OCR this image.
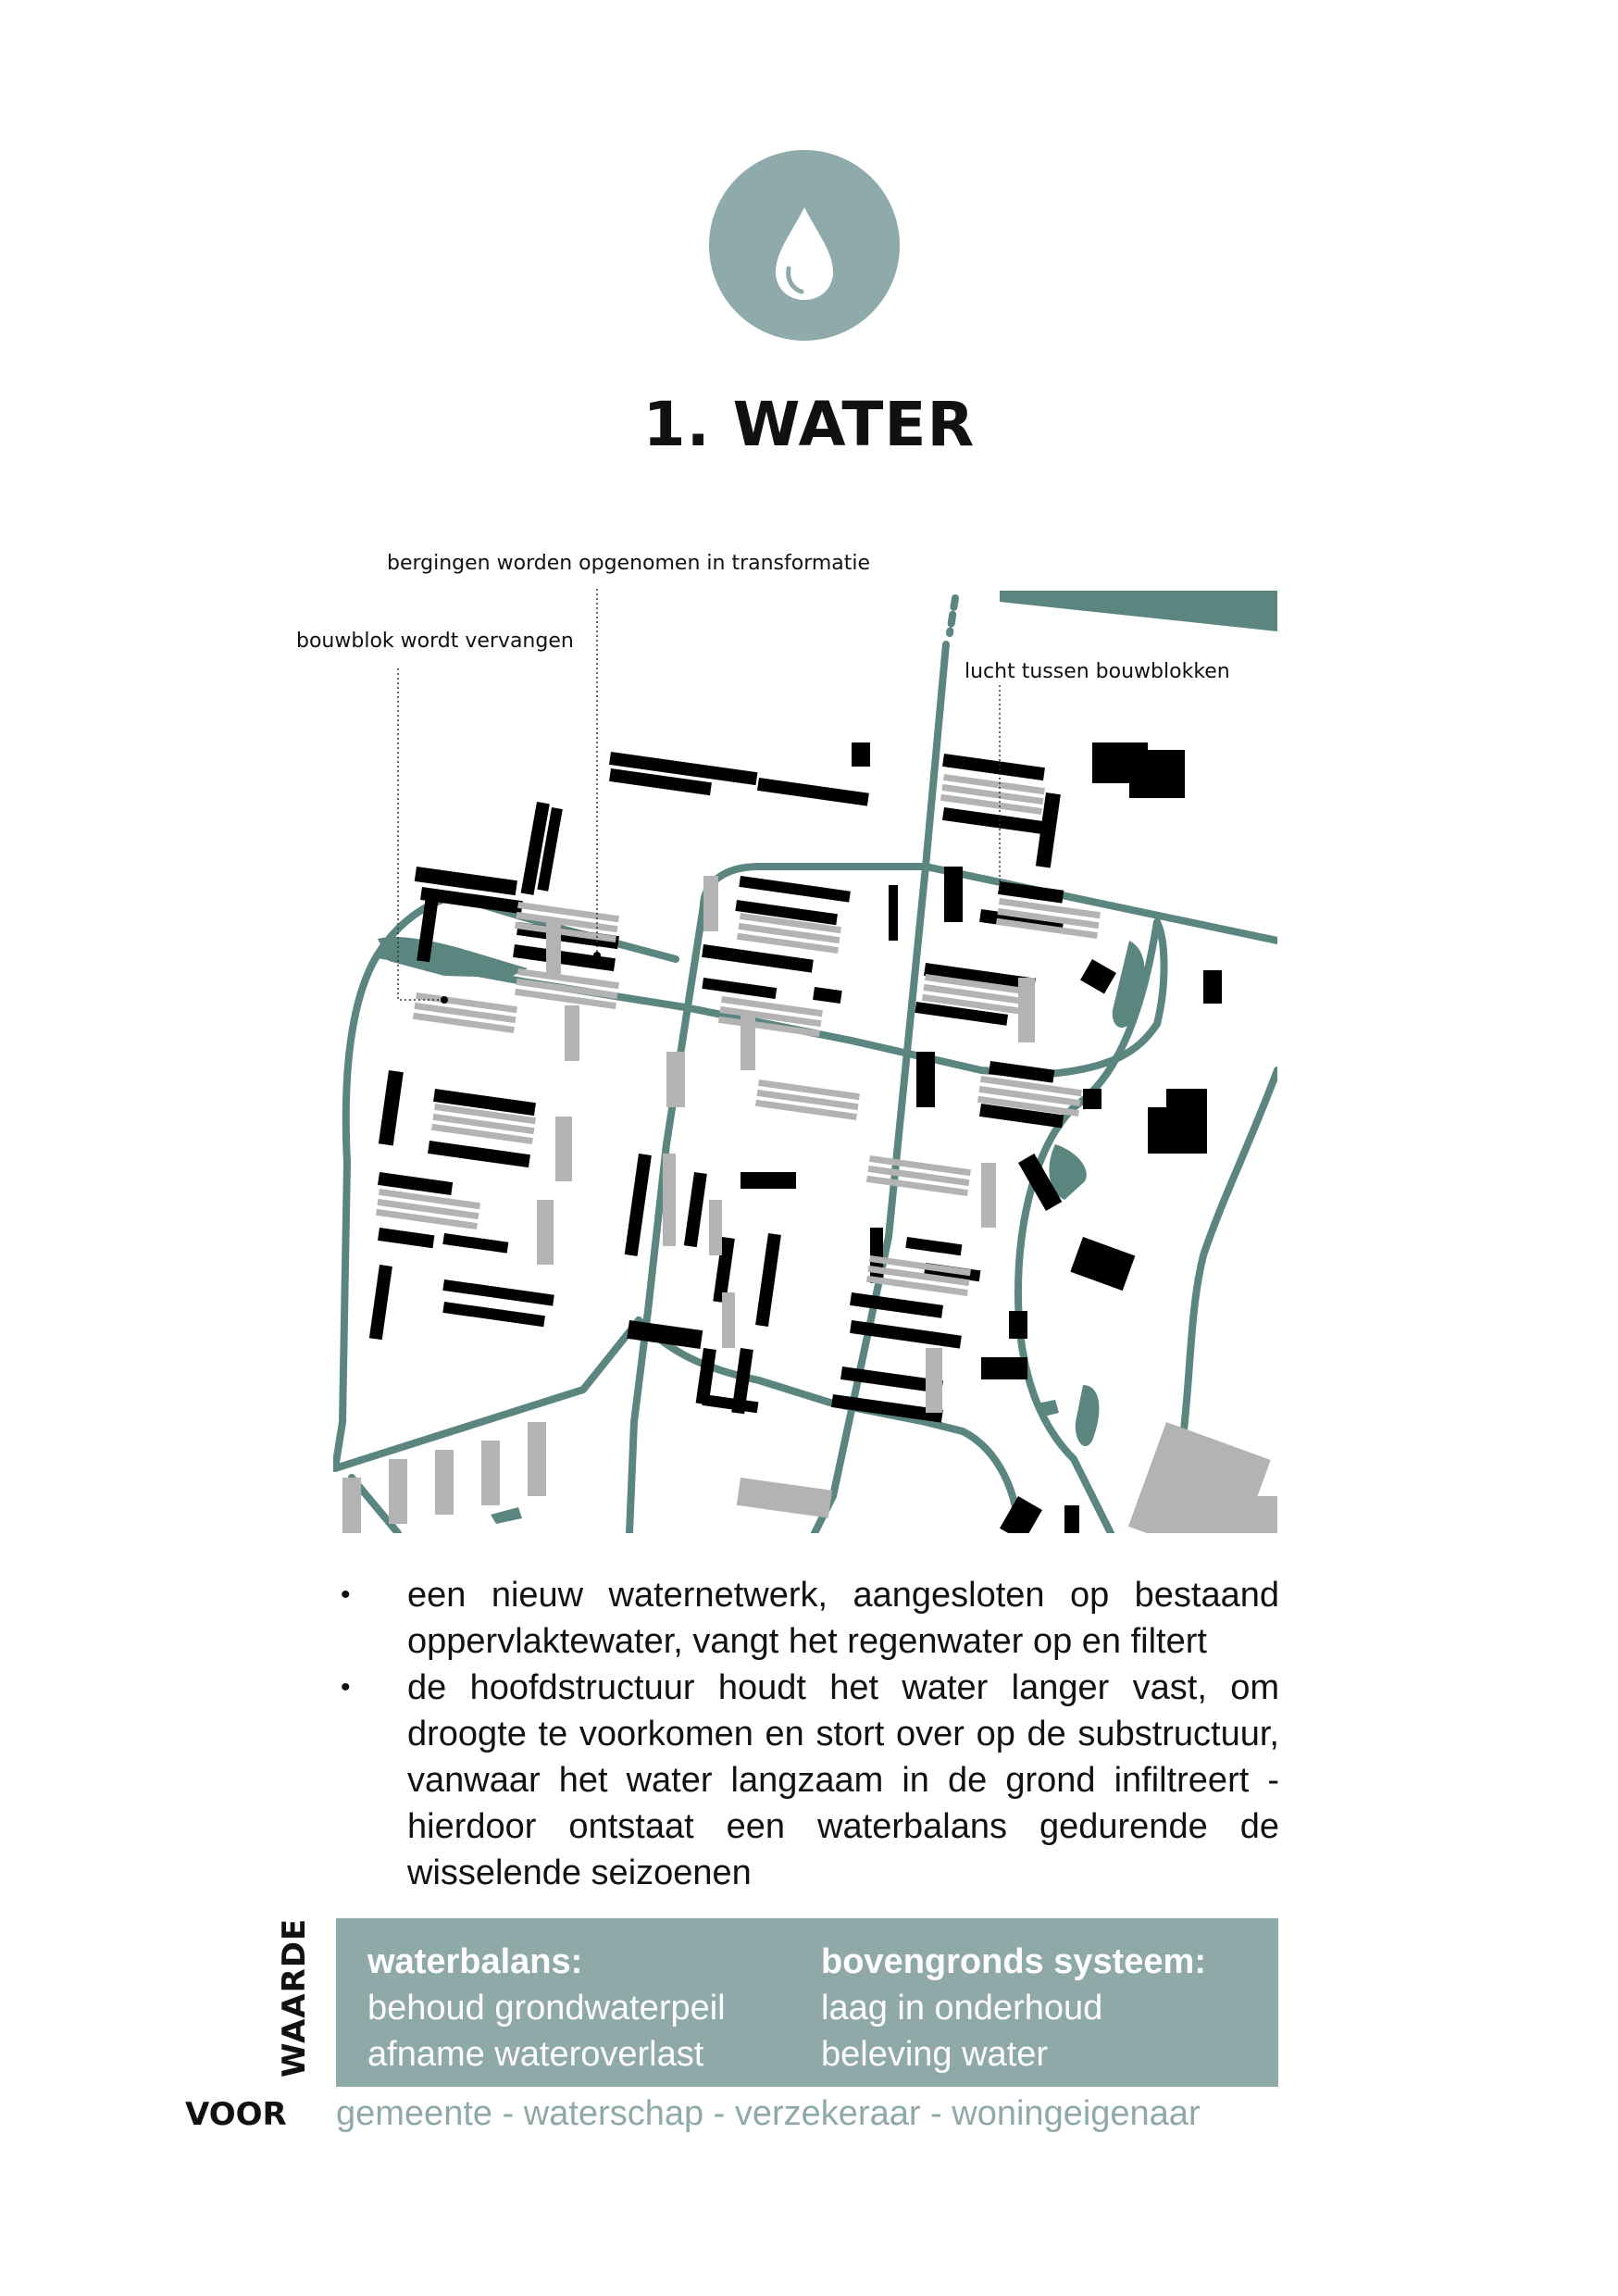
1. WATER
bergingen worden opgenomen in transformatie
bouwblok wordt vervangen
lucht tussen bouwblokken
•	een nieuw waternetwerk, aangesloten op bestaand oppervlaktewater, vangt het regenwater op en filtert
•	de hoofdstructuur houdt het water langer vast, om droogte te voorkomen en stort over op de substructuur, vanwaar het water langzaam in de grond infiltreert - hierdoor ontstaat een waterbalans gedurende de wisselende seizoenen
WAARDE waterbalans:
behoud grondwaterpeil
afname wateroverlast
bovengronds systeem:
laag in onderhoud
beleving water
VOOR gemeente - waterschap - verzekeraar - woningeigenaar
